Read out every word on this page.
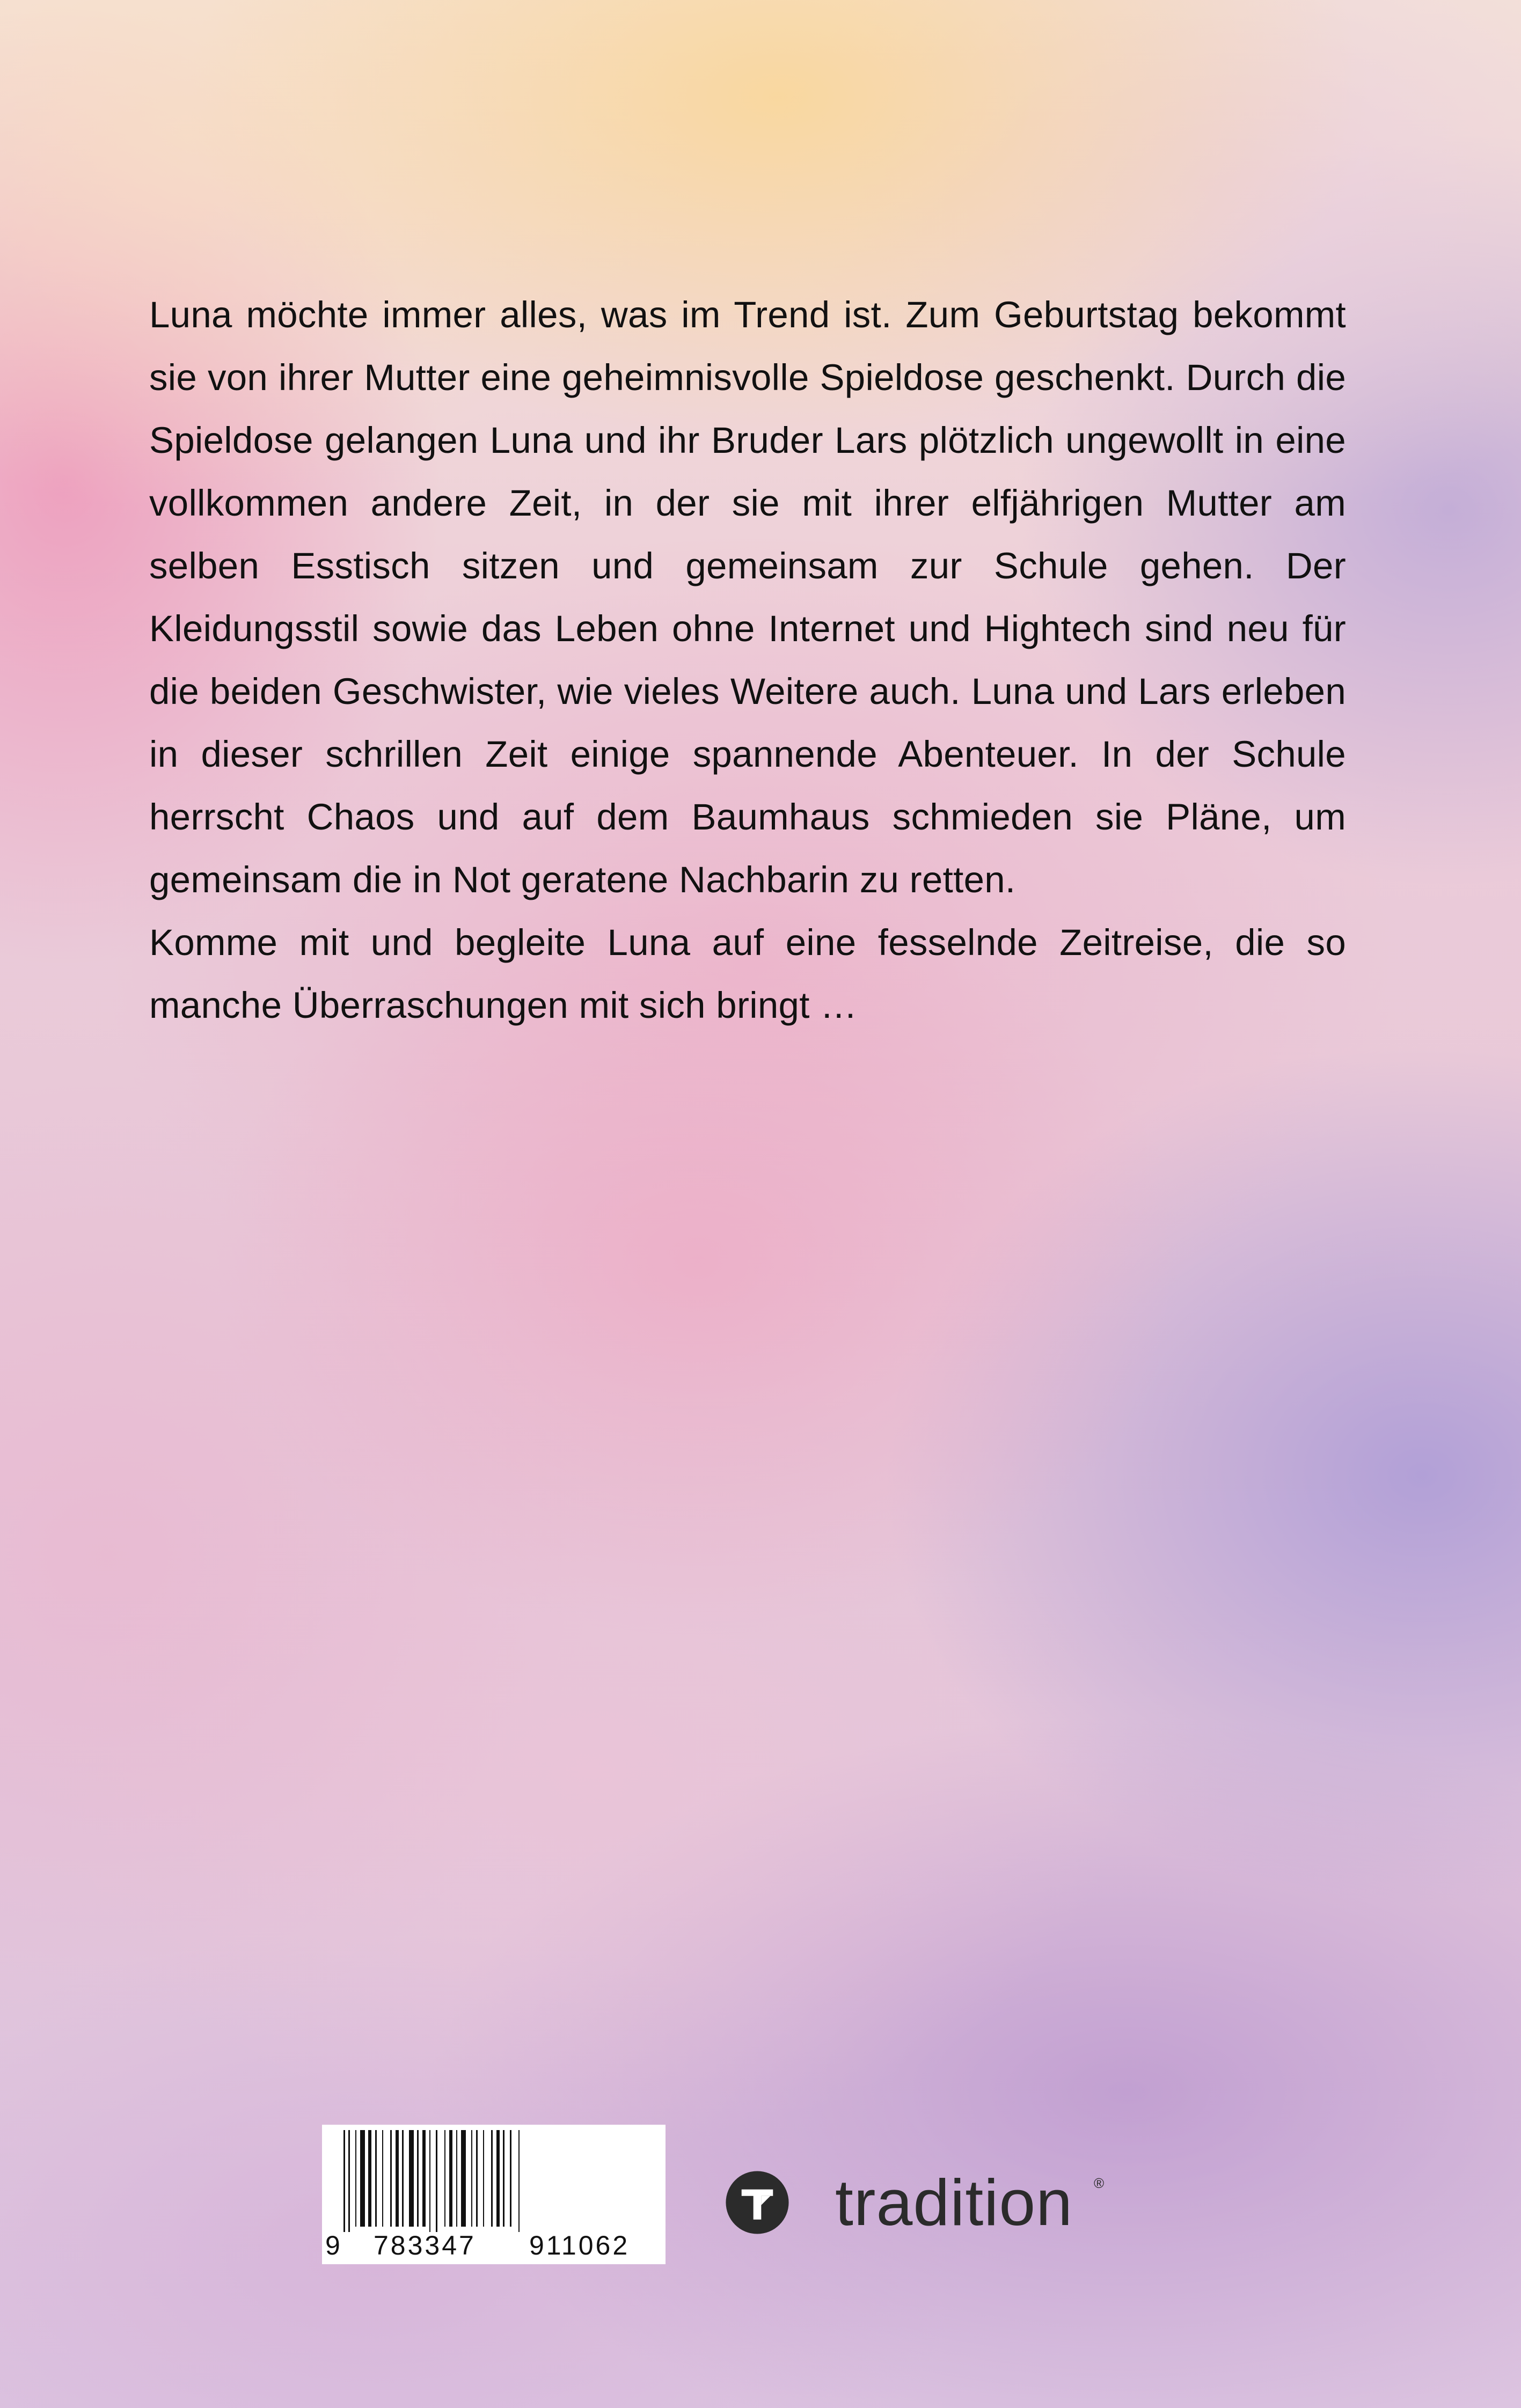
Luna möchte immer alles, was im Trend ist. Zum Geburtstag bekommt sie von ihrer Mutter eine geheimnisvolle Spieldose geschenkt. Durch die Spieldose gelangen Luna und ihr Bruder Lars plötzlich ungewollt in eine vollkommen andere Zeit, in der sie mit ihrer elfjährigen Mutter am selben Esstisch sitzen und gemeinsam zur Schule gehen. Der Kleidungsstil sowie das Leben ohne Internet und Hightech sind neu für die beiden Geschwister, wie vieles Weitere auch. Luna und Lars erleben in dieser schrillen Zeit einige spannende Abenteuer. In der Schule herrscht Chaos und auf dem Baumhaus schmieden sie Pläne, um gemeinsam die in Not geratene Nachbarin zu retten.

Komme mit und begleite Luna auf eine fesselnde Zeitreise, die so manche Überraschungen mit sich bringt …

9 783347 911062
tradition ®
